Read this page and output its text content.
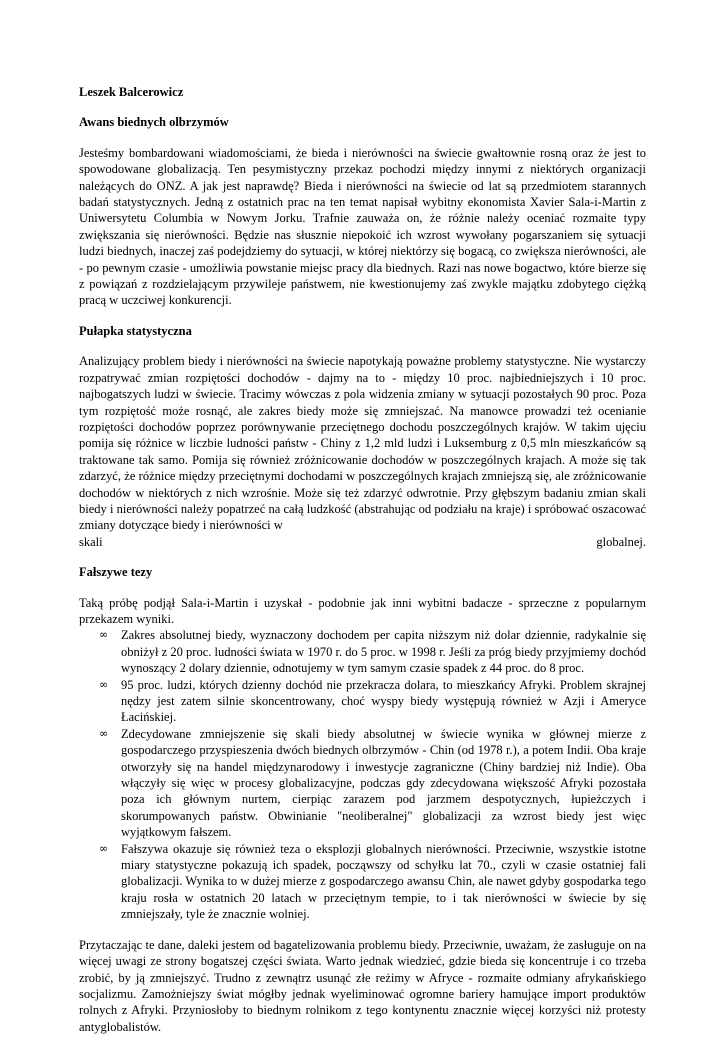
Leszek Balcerowicz

Awans biednych olbrzymów

Jesteśmy bombardowani wiadomościami, że bieda i nierówności na świecie gwałtownie rosną oraz że jest to spowodowane globalizacją. Ten pesymistyczny przekaz pochodzi między innymi z niektórych organizacji należących do ONZ. A jak jest naprawdę? Bieda i nierówności na świecie od lat są przedmiotem starannych badań statystycznych. Jedną z ostatnich prac na ten temat napisał wybitny ekonomista Xavier Sala-i-Martin z Uniwersytetu Columbia w Nowym Jorku. Trafnie zauważa on, że różnie należy oceniać rozmaite typy zwiększania się nierówności. Będzie nas słusznie niepokoić ich wzrost wywołany pogarszaniem się sytuacji ludzi biednych, inaczej zaś podejdziemy do sytuacji, w której niektórzy się bogacą, co zwiększa nierówności, ale - po pewnym czasie - umożliwia powstanie miejsc pracy dla biednych. Razi nas nowe bogactwo, które bierze się z powiązań z rozdzielającym przywileje państwem, nie kwestionujemy zaś zwykle majątku zdobytego ciężką pracą w uczciwej konkurencji.

Pułapka statystyczna

Analizujący problem biedy i nierówności na świecie napotykają poważne problemy statystyczne. Nie wystarczy rozpatrywać zmian rozpiętości dochodów - dajmy na to - między 10 proc. najbiedniejszych i 10 proc. najbogatszych ludzi w świecie. Tracimy wówczas z pola widzenia zmiany w sytuacji pozostałych 90 proc. Poza tym rozpiętość może rosnąć, ale zakres biedy może się zmniejszać. Na manowce prowadzi też ocenianie rozpiętości dochodów poprzez porównywanie przeciętnego dochodu poszczególnych krajów. W takim ujęciu pomija się różnice w liczbie ludności państw - Chiny z 1,2 mld ludzi i Luksemburg z 0,5 mln mieszkańców są traktowane tak samo. Pomija się również zróżnicowanie dochodów w poszczególnych krajach. A może się tak zdarzyć, że różnice między przeciętnymi dochodami w poszczególnych krajach zmniejszą się, ale zróżnicowanie dochodów w niektórych z nich wzrośnie. Może się też zdarzyć odwrotnie. Przy głębszym badaniu zmian skali biedy i nierówności należy popatrzeć na całą ludzkość (abstrahując od podziału na kraje) i spróbować oszacować zmiany dotyczące biedy i nierówności w

skali	globalnej.

Fałszywe tezy

Taką próbę podjął Sala-i-Martin i uzyskał - podobnie jak inni wybitni badacze - sprzeczne z popularnym przekazem wyniki.

∞ Zakres absolutnej biedy, wyznaczony dochodem per capita niższym niż dolar dziennie, radykalnie się obniżył z 20 proc. ludności świata w 1970 r. do 5 proc. w 1998 r. Jeśli za próg biedy przyjmiemy dochód wynoszący 2 dolary dziennie, odnotujemy w tym samym czasie spadek z 44 proc. do 8 proc.
∞ 95 proc. ludzi, których dzienny dochód nie przekracza dolara, to mieszkańcy Afryki. Problem skrajnej nędzy jest zatem silnie skoncentrowany, choć wyspy biedy występują również w Azji i Ameryce Łacińskiej.
∞ Zdecydowane zmniejszenie się skali biedy absolutnej w świecie wynika w głównej mierze z gospodarczego przyspieszenia dwóch biednych olbrzymów - Chin (od 1978 r.), a potem Indii. Oba kraje otworzyły się na handel międzynarodowy i inwestycje zagraniczne (Chiny bardziej niż Indie). Oba włączyły się więc w procesy globalizacyjne, podczas gdy zdecydowana większość Afryki pozostała poza ich głównym nurtem, cierpiąc zarazem pod jarzmem despotycznych, łupieżczych i skorumpowanych państw. Obwinianie "neoliberalnej" globalizacji za wzrost biedy jest więc wyjątkowym fałszem.
∞ Fałszywa okazuje się również teza o eksplozji globalnych nierówności. Przeciwnie, wszystkie istotne miary statystyczne pokazują ich spadek, począwszy od schyłku lat 70., czyli w czasie ostatniej fali globalizacji. Wynika to w dużej mierze z gospodarczego awansu Chin, ale nawet gdyby gospodarka tego kraju rosła w ostatnich 20 latach w przeciętnym tempie, to i tak nierówności w świecie by się zmniejszały, tyle że znacznie wolniej.

Przytaczając te dane, daleki jestem od bagatelizowania problemu biedy. Przeciwnie, uważam, że zasługuje on na więcej uwagi ze strony bogatszej części świata. Warto jednak wiedzieć, gdzie bieda się koncentruje i co trzeba zrobić, by ją zmniejszyć. Trudno z zewnątrz usunąć złe reżimy w Afryce - rozmaite odmiany afrykańskiego socjalizmu. Zamożniejszy świat mógłby jednak wyeliminować ogromne bariery hamujące import produktów rolnych z Afryki. Przyniosłoby to biednym rolnikom z tego kontynentu znacznie więcej korzyści niż protesty antyglobalistów.
